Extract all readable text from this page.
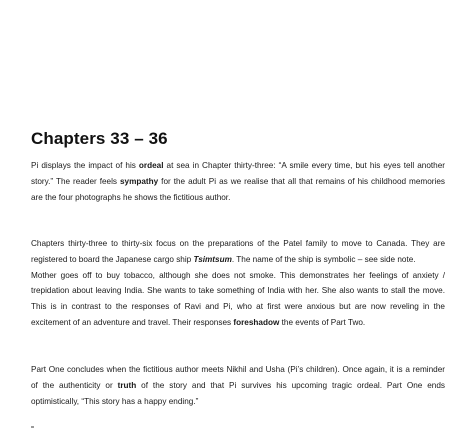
Chapters 33 – 36

Pi displays the impact of his ordeal at sea in Chapter thirty-three: “A smile every time, but his eyes tell another story.” The reader feels sympathy for the adult Pi as we realise that all that remains of his childhood memories are the four photographs he shows the fictitious author.

Chapters thirty-three to thirty-six focus on the preparations of the Patel family to move to Canada. They are registered to board the Japanese cargo ship Tsimtsum. The name of the ship is symbolic – see side note.

Mother goes off to buy tobacco, although she does not smoke. This demonstrates her feelings of anxiety / trepidation about leaving India. She wants to take something of India with her. She also wants to stall the move. This is in contrast to the responses of Ravi and Pi, who at first were anxious but are now reveling in the excitement of an adventure and travel. Their responses foreshadow the events of Part Two.

Part One concludes when the fictitious author meets Nikhil and Usha (Pi’s children). Once again, it is a reminder of the authenticity or truth of the story and that Pi survives his upcoming tragic ordeal. Part One ends optimistically, “This story has a happy ending.”
